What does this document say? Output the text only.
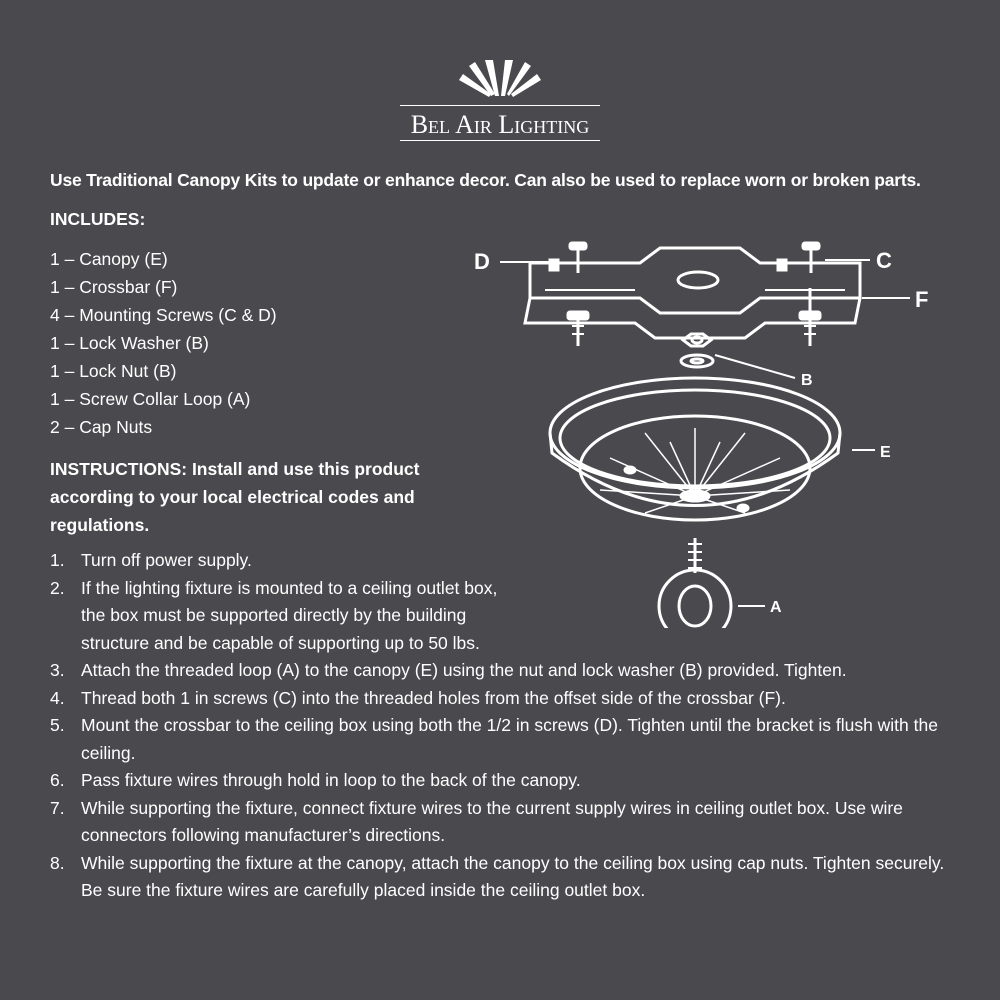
Bel Air Lighting
Use Traditional Canopy Kits to update or enhance decor. Can also be used to replace worn or broken parts.
INCLUDES:
1 – Canopy (E)
1 – Crossbar (F)
4 – Mounting Screws (C & D)
1 – Lock Washer (B)
1 – Lock Nut (B)
1 – Screw Collar Loop (A)
2 – Cap Nuts
INSTRUCTIONS: Install and use this product according to your local electrical codes and regulations.
1. Turn off power supply.
2. If the lighting fixture is mounted to a ceiling outlet box, the box must be supported directly by the building structure and be capable of supporting up to 50 lbs.
3. Attach the threaded loop (A) to the canopy (E) using the nut and lock washer (B) provided. Tighten.
4. Thread both 1 in screws (C) into the threaded holes from the offset side of the crossbar (F).
5. Mount the crossbar to the ceiling box using both the 1/2 in screws (D). Tighten until the bracket is flush with the ceiling.
6. Pass fixture wires through hold in loop to the back of the canopy.
7. While supporting the fixture, connect fixture wires to the current supply wires in ceiling outlet box. Use wire connectors following manufacturer’s directions.
8. While supporting the fixture at the canopy, attach the canopy to the ceiling box using cap nuts. Tighten securely. Be sure the fixture wires are carefully placed inside the ceiling outlet box.
D	C
F
B
E
A
